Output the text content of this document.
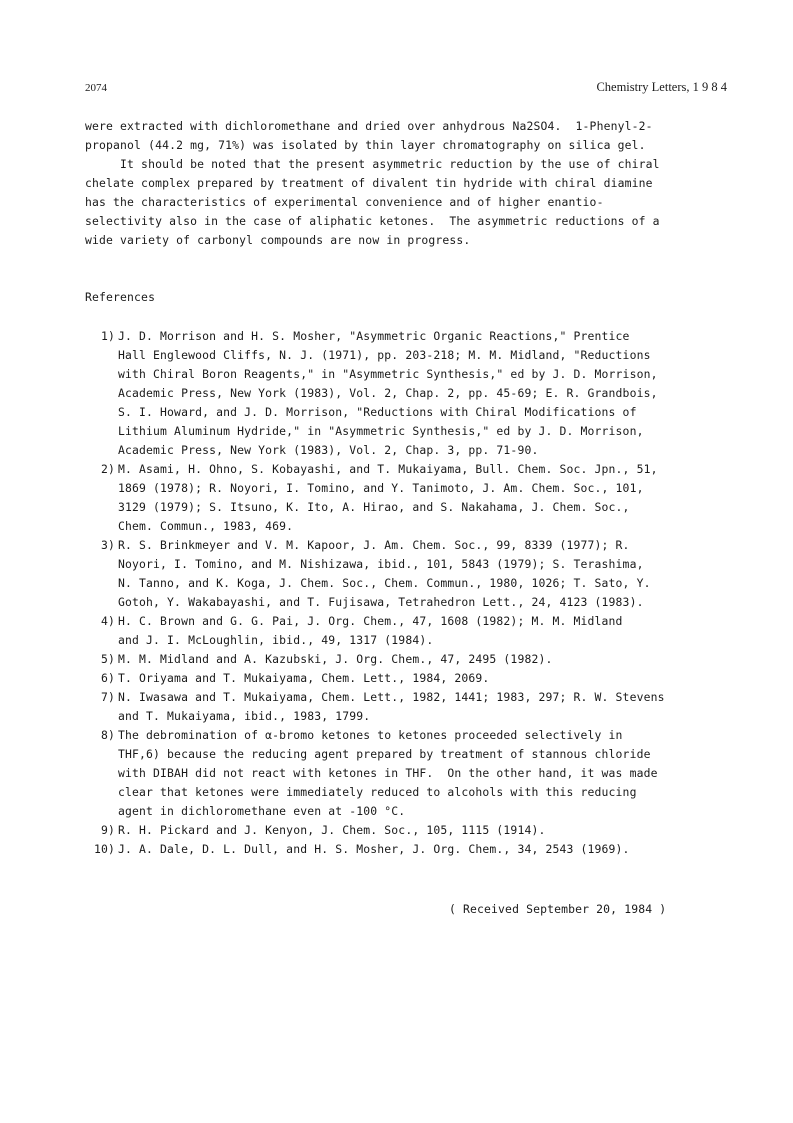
2074	Chemistry Letters, 1 9 8 4
were extracted with dichloromethane and dried over anhydrous Na2SO4.  1-Phenyl-2-
propanol (44.2 mg, 71%) was isolated by thin layer chromatography on silica gel.
It should be noted that the present asymmetric reduction by the use of chiral
chelate complex prepared by treatment of divalent tin hydride with chiral diamine
has the characteristics of experimental convenience and of higher enantio-
selectivity also in the case of aliphatic ketones.  The asymmetric reductions of a
wide variety of carbonyl compounds are now in progress.
References
1) J. D. Morrison and H. S. Mosher, "Asymmetric Organic Reactions," Prentice
Hall Englewood Cliffs, N. J. (1971), pp. 203-218; M. M. Midland, "Reductions
with Chiral Boron Reagents," in "Asymmetric Synthesis," ed by J. D. Morrison,
Academic Press, New York (1983), Vol. 2, Chap. 2, pp. 45-69; E. R. Grandbois,
S. I. Howard, and J. D. Morrison, "Reductions with Chiral Modifications of
Lithium Aluminum Hydride," in "Asymmetric Synthesis," ed by J. D. Morrison,
Academic Press, New York (1983), Vol. 2, Chap. 3, pp. 71-90.
2) M. Asami, H. Ohno, S. Kobayashi, and T. Mukaiyama, Bull. Chem. Soc. Jpn., 51,
1869 (1978); R. Noyori, I. Tomino, and Y. Tanimoto, J. Am. Chem. Soc., 101,
3129 (1979); S. Itsuno, K. Ito, A. Hirao, and S. Nakahama, J. Chem. Soc.,
Chem. Commun., 1983, 469.
3) R. S. Brinkmeyer and V. M. Kapoor, J. Am. Chem. Soc., 99, 8339 (1977); R.
Noyori, I. Tomino, and M. Nishizawa, ibid., 101, 5843 (1979); S. Terashima,
N. Tanno, and K. Koga, J. Chem. Soc., Chem. Commun., 1980, 1026; T. Sato, Y.
Gotoh, Y. Wakabayashi, and T. Fujisawa, Tetrahedron Lett., 24, 4123 (1983).
4) H. C. Brown and G. G. Pai, J. Org. Chem., 47, 1608 (1982); M. M. Midland
and J. I. McLoughlin, ibid., 49, 1317 (1984).
5) M. M. Midland and A. Kazubski, J. Org. Chem., 47, 2495 (1982).
6) T. Oriyama and T. Mukaiyama, Chem. Lett., 1984, 2069.
7) N. Iwasawa and T. Mukaiyama, Chem. Lett., 1982, 1441; 1983, 297; R. W. Stevens
and T. Mukaiyama, ibid., 1983, 1799.
8) The debromination of α-bromo ketones to ketones proceeded selectively in
THF,6) because the reducing agent prepared by treatment of stannous chloride
with DIBAH did not react with ketones in THF.  On the other hand, it was made
clear that ketones were immediately reduced to alcohols with this reducing
agent in dichloromethane even at -100 °C.
9) R. H. Pickard and J. Kenyon, J. Chem. Soc., 105, 1115 (1914).
10) J. A. Dale, D. L. Dull, and H. S. Mosher, J. Org. Chem., 34, 2543 (1969).
( Received September 20, 1984 )
